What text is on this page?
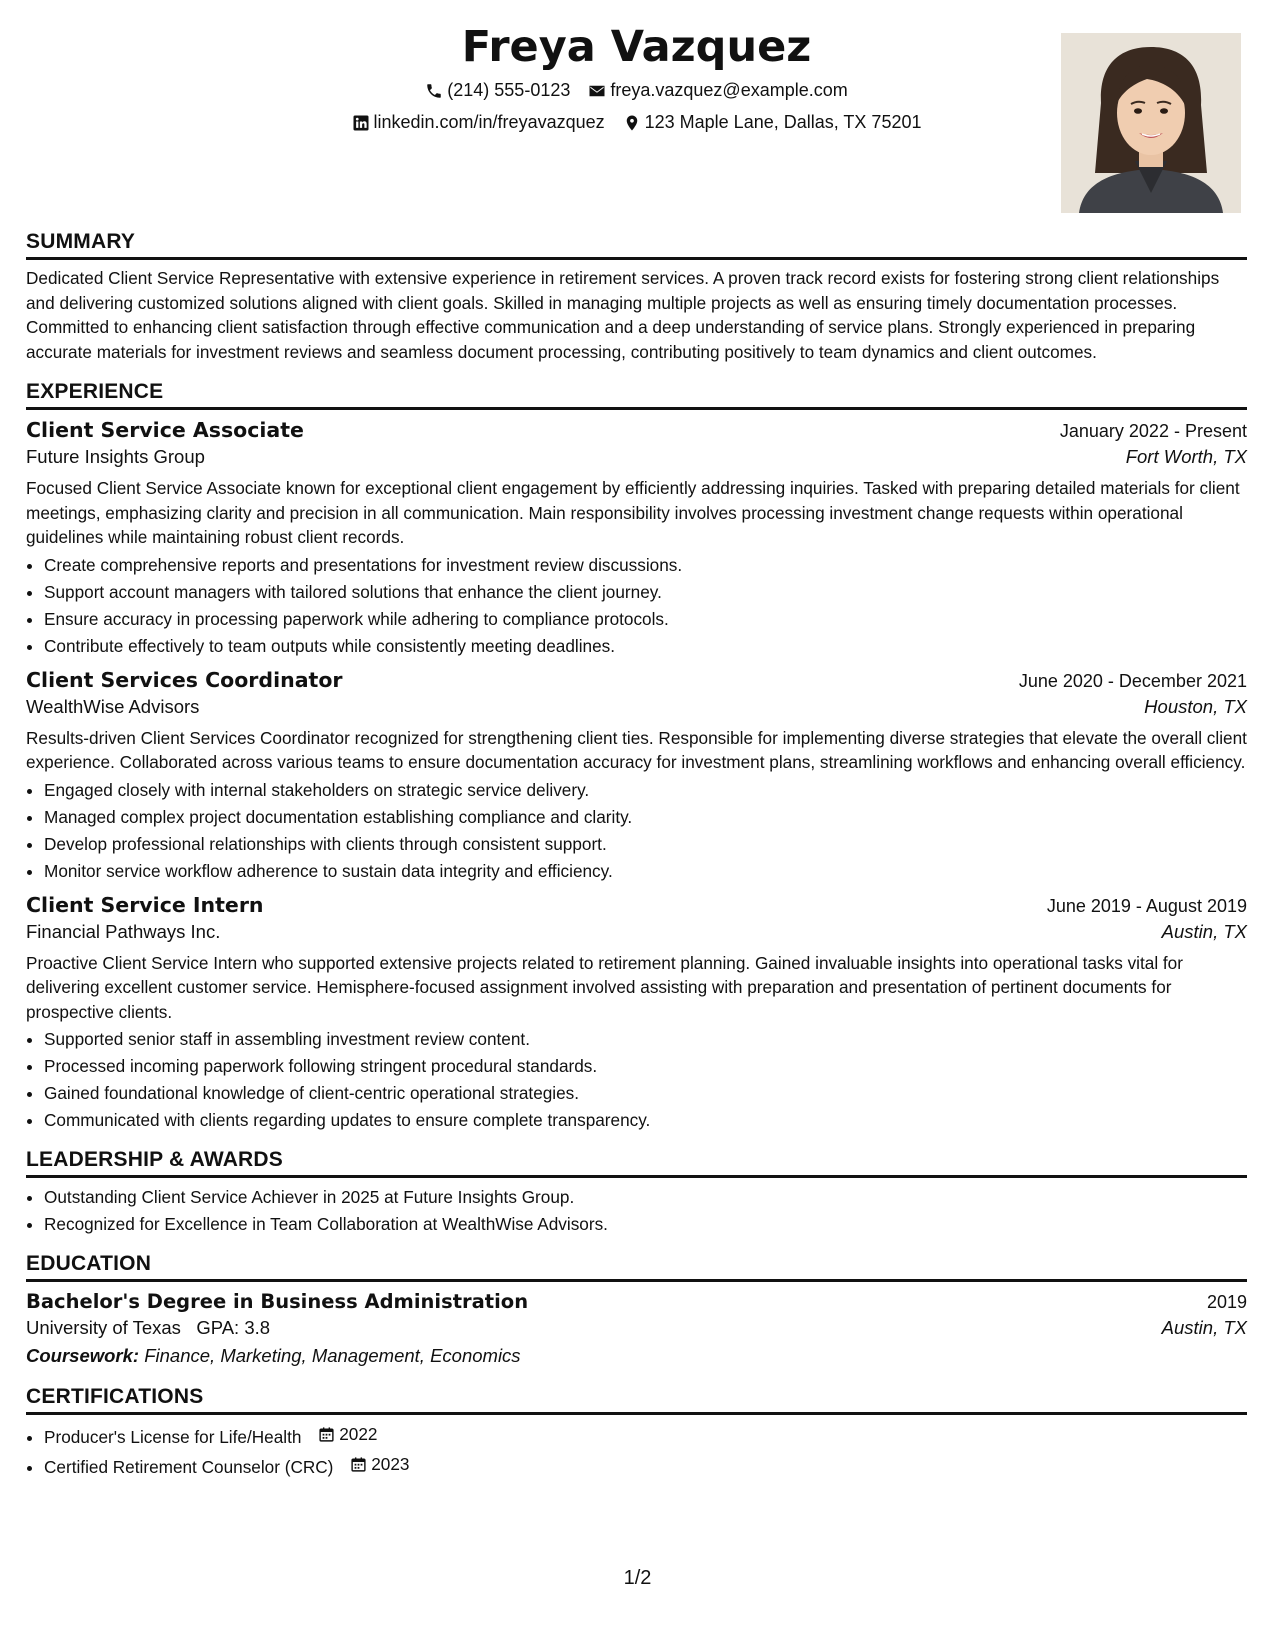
Freya Vazquez
(214) 555-0123 freya.vazquez@example.com
linkedin.com/in/freyavazquez 123 Maple Lane, Dallas, TX 75201
SUMMARY

Dedicated Client Service Representative with extensive experience in retirement services. A proven track record exists for fostering strong client relationships and delivering customized solutions aligned with client goals. Skilled in managing multiple projects as well as ensuring timely documentation processes. Committed to enhancing client satisfaction through effective communication and a deep understanding of service plans. Strongly experienced in preparing accurate materials for investment reviews and seamless document processing, contributing positively to team dynamics and client outcomes.

EXPERIENCE
Client Service Associate	January 2022 - Present
Future Insights Group	Fort Worth, TX

Focused Client Service Associate known for exceptional client engagement by efficiently addressing inquiries. Tasked with preparing detailed materials for client meetings, emphasizing clarity and precision in all communication. Main responsibility involves processing investment change requests within operational guidelines while maintaining robust client records.

• Create comprehensive reports and presentations for investment review discussions.
• Support account managers with tailored solutions that enhance the client journey.
• Ensure accuracy in processing paperwork while adhering to compliance protocols.
• Contribute effectively to team outputs while consistently meeting deadlines.
Client Services Coordinator	June 2020 - December 2021
WealthWise Advisors	Houston, TX

Results-driven Client Services Coordinator recognized for strengthening client ties. Responsible for implementing diverse strategies that elevate the overall client experience. Collaborated across various teams to ensure documentation accuracy for investment plans, streamlining workflows and enhancing overall efficiency.

• Engaged closely with internal stakeholders on strategic service delivery.
• Managed complex project documentation establishing compliance and clarity.
• Develop professional relationships with clients through consistent support.
• Monitor service workflow adherence to sustain data integrity and efficiency.
Client Service Intern	June 2019 - August 2019
Financial Pathways Inc.	Austin, TX

Proactive Client Service Intern who supported extensive projects related to retirement planning. Gained invaluable insights into operational tasks vital for delivering excellent customer service. Hemisphere-focused assignment involved assisting with preparation and presentation of pertinent documents for prospective clients.

• Supported senior staff in assembling investment review content.
• Processed incoming paperwork following stringent procedural standards.
• Gained foundational knowledge of client-centric operational strategies.
• Communicated with clients regarding updates to ensure complete transparency.
LEADERSHIP & AWARDS
• Outstanding Client Service Achiever in 2025 at Future Insights Group.
• Recognized for Excellence in Team Collaboration at WealthWise Advisors.
EDUCATION
Bachelor's Degree in Business Administration	2019
University of Texas GPA: 3.8	Austin, TX
Coursework: Finance, Marketing, Management, Economics
CERTIFICATIONS
• Producer's License for Life/Health 2022
• Certified Retirement Counselor (CRC) 2023
1/2
